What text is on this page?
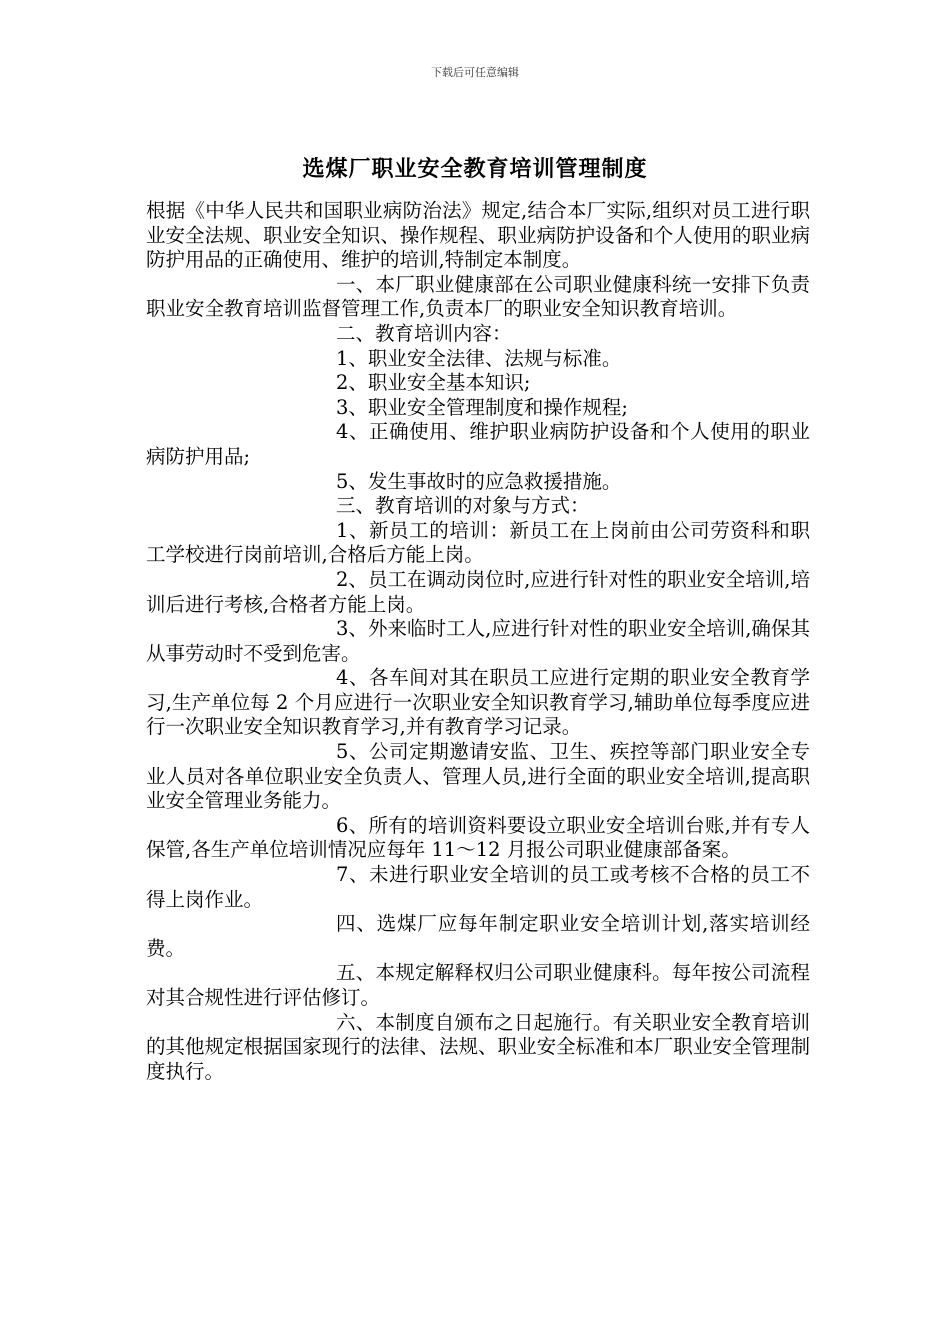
下载后可任意编辑
选煤厂职业安全教育培训管理制度

根据《中华人民共和国职业病防治法》规定,结合本厂实际,组织对员工进行职业安全法规、职业安全知识、操作规程、职业病防护设备和个人使用的职业病防护用品的正确使用、维护的培训,特制定本制度。

一、本厂职业健康部在公司职业健康科统一安排下负责职业安全教育培训监督管理工作,负责本厂的职业安全知识教育培训。

二、教育培训内容：

1、职业安全法律、法规与标准。

2、职业安全基本知识;

3、职业安全管理制度和操作规程;

4、正确使用、维护职业病防护设备和个人使用的职业病防护用品;

5、发生事故时的应急救援措施。

三、教育培训的对象与方式：

1、新员工的培训：新员工在上岗前由公司劳资科和职工学校进行岗前培训,合格后方能上岗。

2、员工在调动岗位时,应进行针对性的职业安全培训,培训后进行考核,合格者方能上岗。

3、外来临时工人,应进行针对性的职业安全培训,确保其从事劳动时不受到危害。

4、各车间对其在职员工应进行定期的职业安全教育学习,生产单位每 2 个月应进行一次职业安全知识教育学习,辅助单位每季度应进行一次职业安全知识教育学习,并有教育学习记录。

5、公司定期邀请安监、卫生、疾控等部门职业安全专业人员对各单位职业安全负责人、管理人员,进行全面的职业安全培训,提高职业安全管理业务能力。

6、所有的培训资料要设立职业安全培训台账,并有专人保管,各生产单位培训情况应每年 11～12 月报公司职业健康部备案。

7、未进行职业安全培训的员工或考核不合格的员工不得上岗作业。

四、选煤厂应每年制定职业安全培训计划,落实培训经费。

五、本规定解释权归公司职业健康科。每年按公司流程对其合规性进行评估修订。

六、本制度自颁布之日起施行。有关职业安全教育培训的其他规定根据国家现行的法律、法规、职业安全标准和本厂职业安全管理制度执行。
